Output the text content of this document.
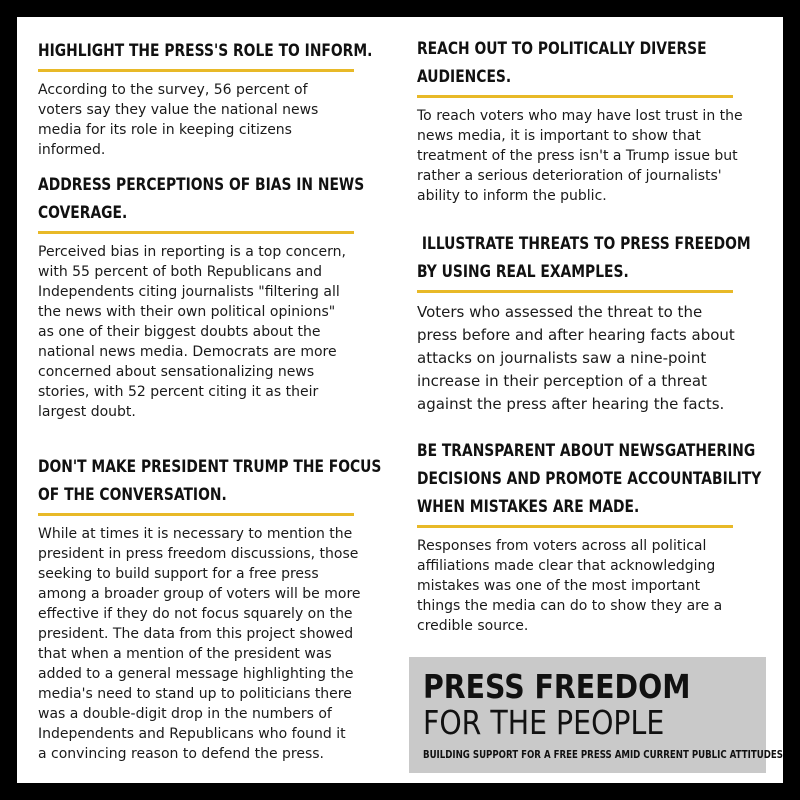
HIGHLIGHT THE PRESS'S ROLE TO INFORM.
According to the survey, 56 percent of
voters say they value the national news
media for its role in keeping citizens
informed.
ADDRESS PERCEPTIONS OF BIAS IN NEWS
COVERAGE.
Perceived bias in reporting is a top concern,
with 55 percent of both Republicans and
Independents citing journalists "filtering all
the news with their own political opinions"
as one of their biggest doubts about the
national news media. Democrats are more
concerned about sensationalizing news
stories, with 52 percent citing it as their
largest doubt.
DON'T MAKE PRESIDENT TRUMP THE FOCUS
OF THE CONVERSATION.
While at times it is necessary to mention the
president in press freedom discussions, those
seeking to build support for a free press
among a broader group of voters will be more
effective if they do not focus squarely on the
president. The data from this project showed
that when a mention of the president was
added to a general message highlighting the
media's need to stand up to politicians there
was a double-digit drop in the numbers of
Independents and Republicans who found it
a convincing reason to defend the press.
REACH OUT TO POLITICALLY DIVERSE
AUDIENCES.
To reach voters who may have lost trust in the
news media, it is important to show that
treatment of the press isn't a Trump issue but
rather a serious deterioration of journalists'
ability to inform the public.
ILLUSTRATE THREATS TO PRESS FREEDOM
BY USING REAL EXAMPLES.
Voters who assessed the threat to the
press before and after hearing facts about
attacks on journalists saw a nine-point
increase in their perception of a threat
against the press after hearing the facts.
BE TRANSPARENT ABOUT NEWSGATHERING
DECISIONS AND PROMOTE ACCOUNTABILITY
WHEN MISTAKES ARE MADE.
Responses from voters across all political
affiliations made clear that acknowledging
mistakes was one of the most important
things the media can do to show they are a
credible source.
PRESS FREEDOM
FOR THE PEOPLE
BUILDING SUPPORT FOR A FREE PRESS AMID CURRENT PUBLIC ATTITUDES
